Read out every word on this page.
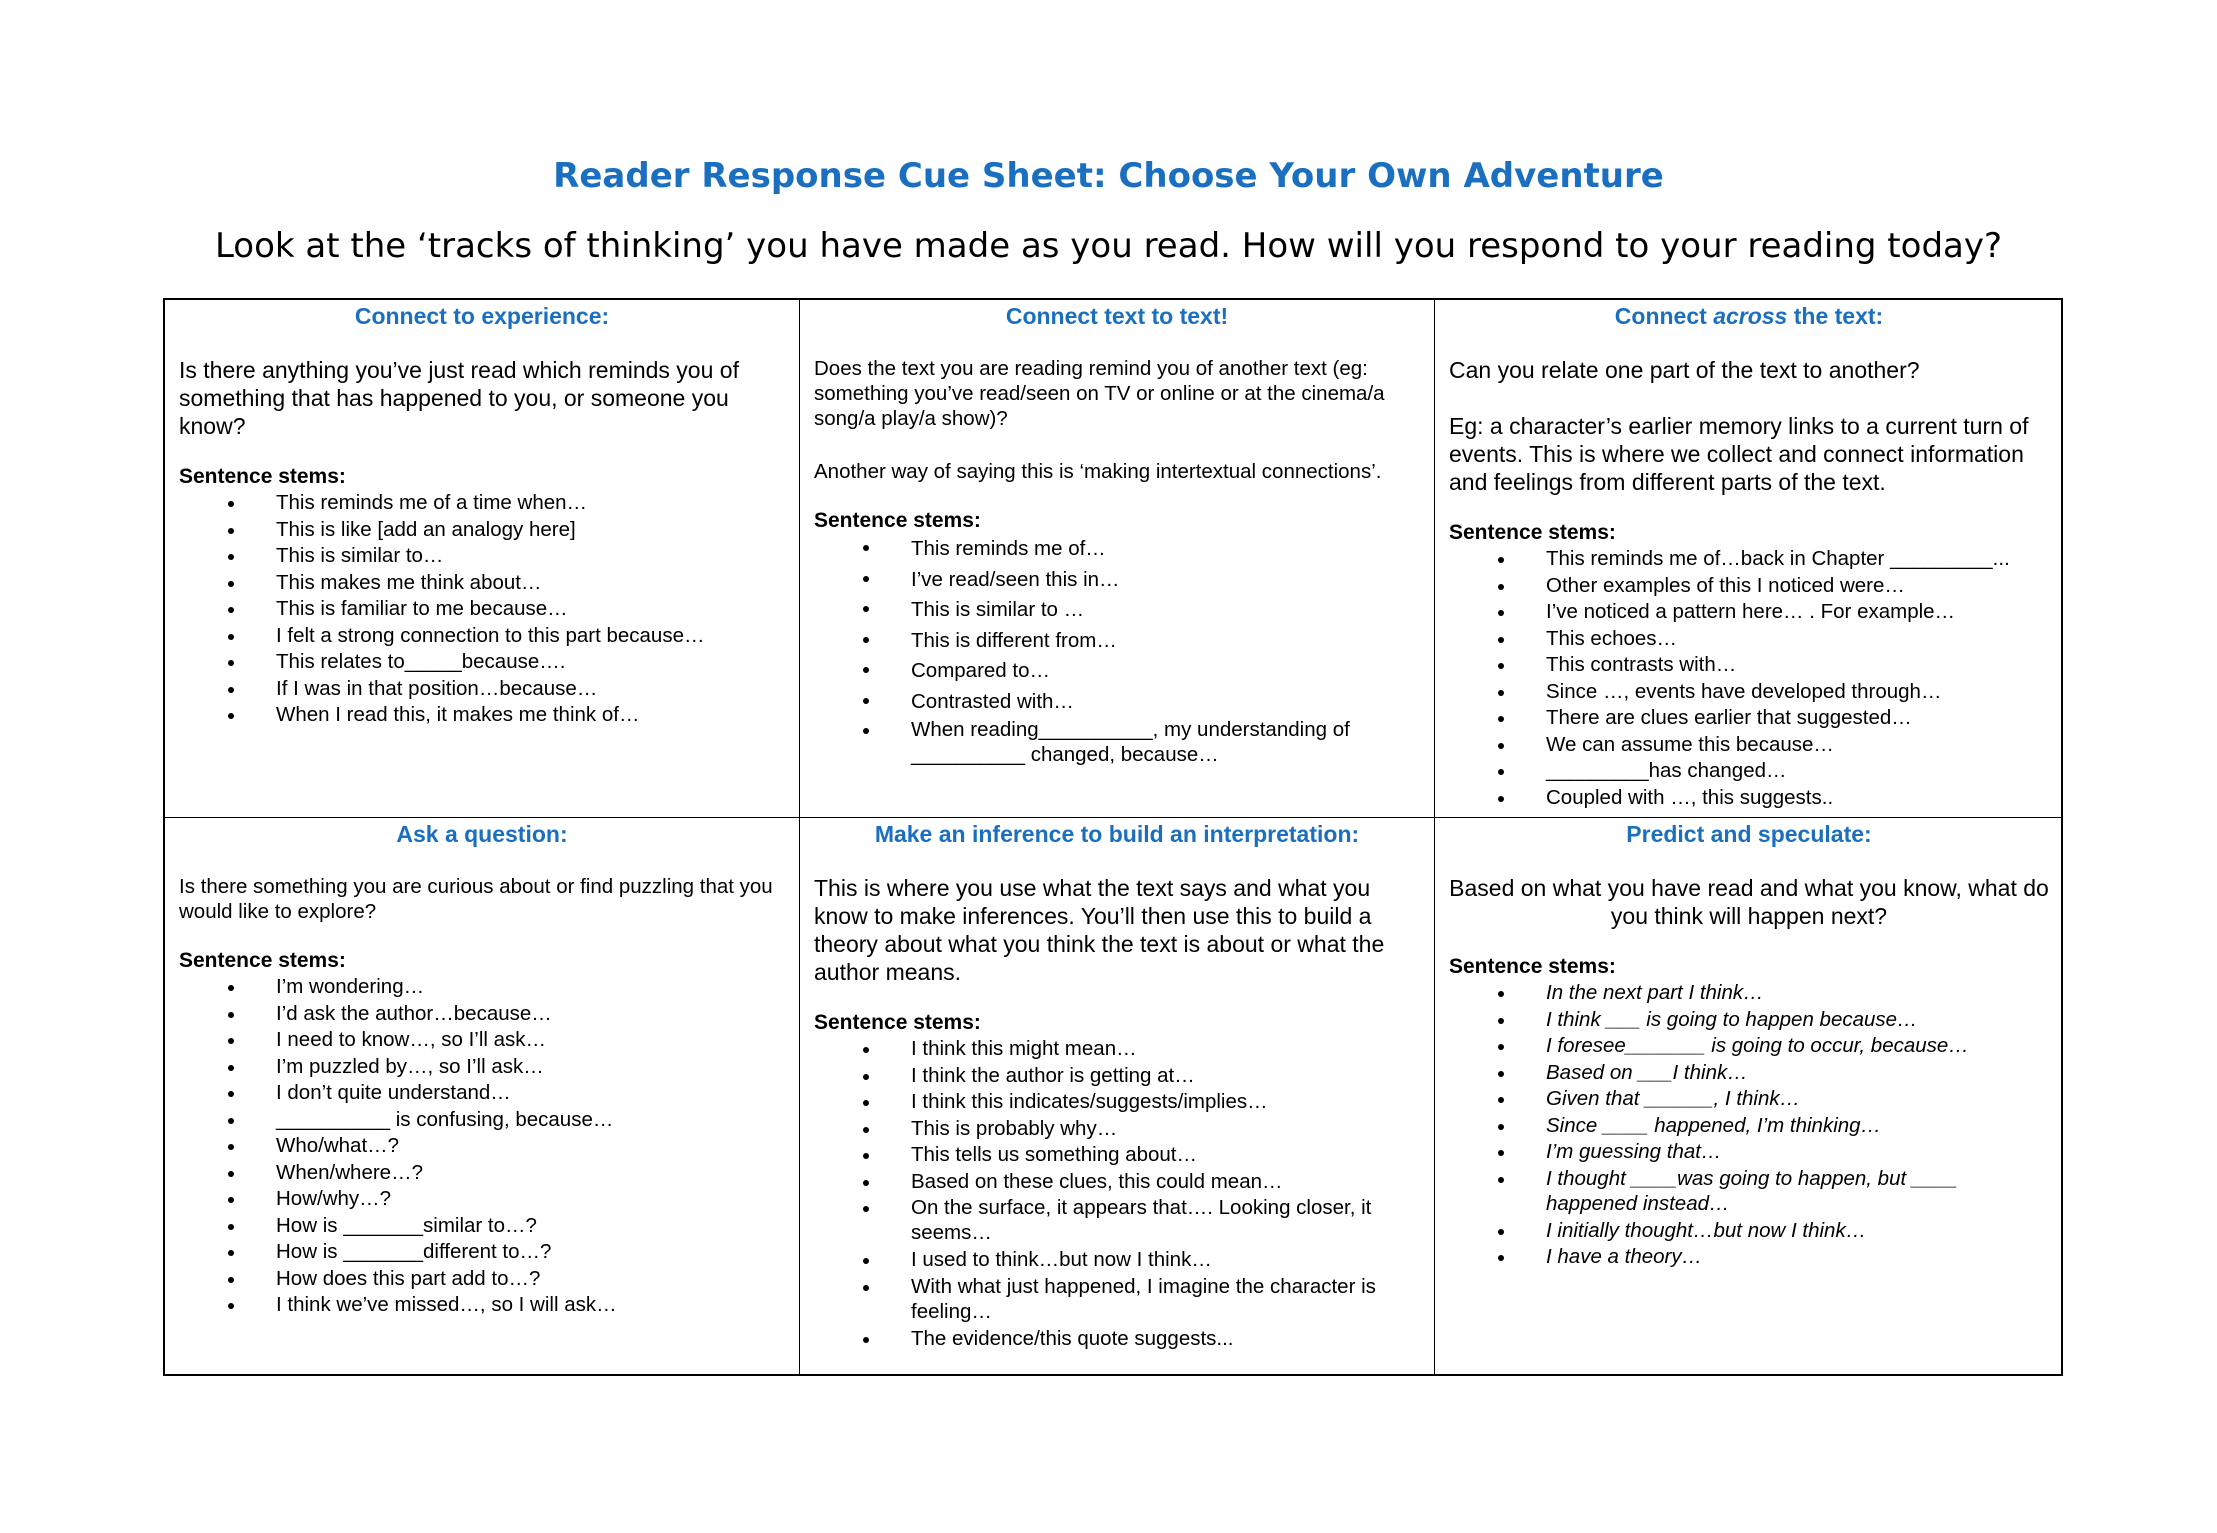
Reader Response Cue Sheet: Choose Your Own Adventure
Look at the ‘tracks of thinking’ you have made as you read. How will you respond to your reading today?
Connect to experience:
Is there anything you’ve just read which reminds you of something that has happened to you, or someone you know?
Sentence stems:
This reminds me of a time when…
This is like [add an analogy here]
This is similar to…
This makes me think about…
This is familiar to me because…
I felt a strong connection to this part because…
This relates to_____because….
If I was in that position…because…
When I read this, it makes me think of…
Connect text to text!
Does the text you are reading remind you of another text (eg: something you’ve read/seen on TV or online or at the cinema/a song/a play/a show)?
Another way of saying this is ‘making intertextual connections’.
Sentence stems:
This reminds me of…
I’ve read/seen this in…
This is similar to …
This is different from…
Compared to…
Contrasted with…
When reading__________, my understanding of __________ changed, because…
Connect across the text:
Can you relate one part of the text to another?
Eg: a character’s earlier memory links to a current turn of events. This is where we collect and connect information and feelings from different parts of the text.
Sentence stems:
This reminds me of…back in Chapter _________...
Other examples of this I noticed were…
I’ve noticed a pattern here… . For example…
This echoes…
This contrasts with…
Since …, events have developed through…
There are clues earlier that suggested…
We can assume this because…
_________has changed…
Coupled with …, this suggests..
Ask a question:
Is there something you are curious about or find puzzling that you would like to explore?
Sentence stems:
I’m wondering…
I’d ask the author…because…
I need to know…, so I’ll ask…
I’m puzzled by…, so I’ll ask…
I don’t quite understand…
__________ is confusing, because…
Who/what…?
When/where…?
How/why…?
How is _______similar to…?
How is _______different to…?
How does this part add to…?
I think we’ve missed…, so I will ask…
Make an inference to build an interpretation:
This is where you use what the text says and what you know to make inferences. You’ll then use this to build a theory about what you think the text is about or what the author means.
Sentence stems:
I think this might mean…
I think the author is getting at…
I think this indicates/suggests/implies…
This is probably why…
This tells us something about…
Based on these clues, this could mean…
On the surface, it appears that…. Looking closer, it seems…
I used to think…but now I think…
With what just happened, I imagine the character is feeling…
The evidence/this quote suggests...
Predict and speculate:
Based on what you have read and what you know, what do you think will happen next?
Sentence stems:
In the next part I think…
I think ___ is going to happen because…
I foresee_______ is going to occur, because…
Based on ___I think…
Given that ______, I think…
Since ____ happened, I’m thinking…
I’m guessing that…
I thought ____was going to happen, but ____ happened instead…
I initially thought…but now I think…
I have a theory…
